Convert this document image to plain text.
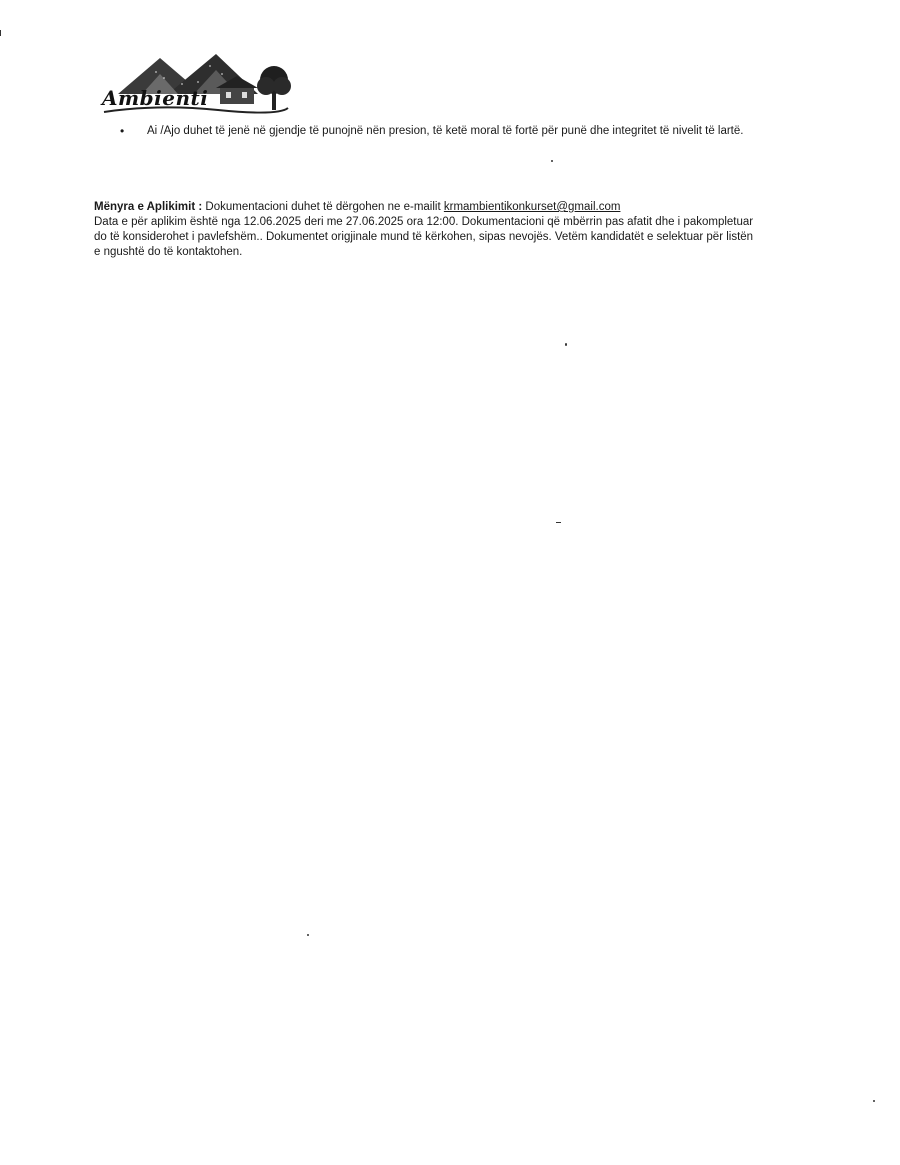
Ambienti
• Ai /Ajo duhet të jenë në gjendje të punojnë nën presion, të ketë moral të fortë për punë dhe integritet të nivelit të lartë.
Mënyra e Aplikimit : Dokumentacioni duhet të dërgohen ne e-mailit krmambientikonkurset@gmail.com
Data e për aplikim është nga 12.06.2025 deri me 27.06.2025 ora 12:00. Dokumentacioni që mbërrin pas afatit dhe i pakompletuar do të konsiderohet i pavlefshëm.. Dokumentet origjinale mund të kërkohen, sipas nevojës. Vetëm kandidatët e selektuar për listën e ngushtë do të kontaktohen.
